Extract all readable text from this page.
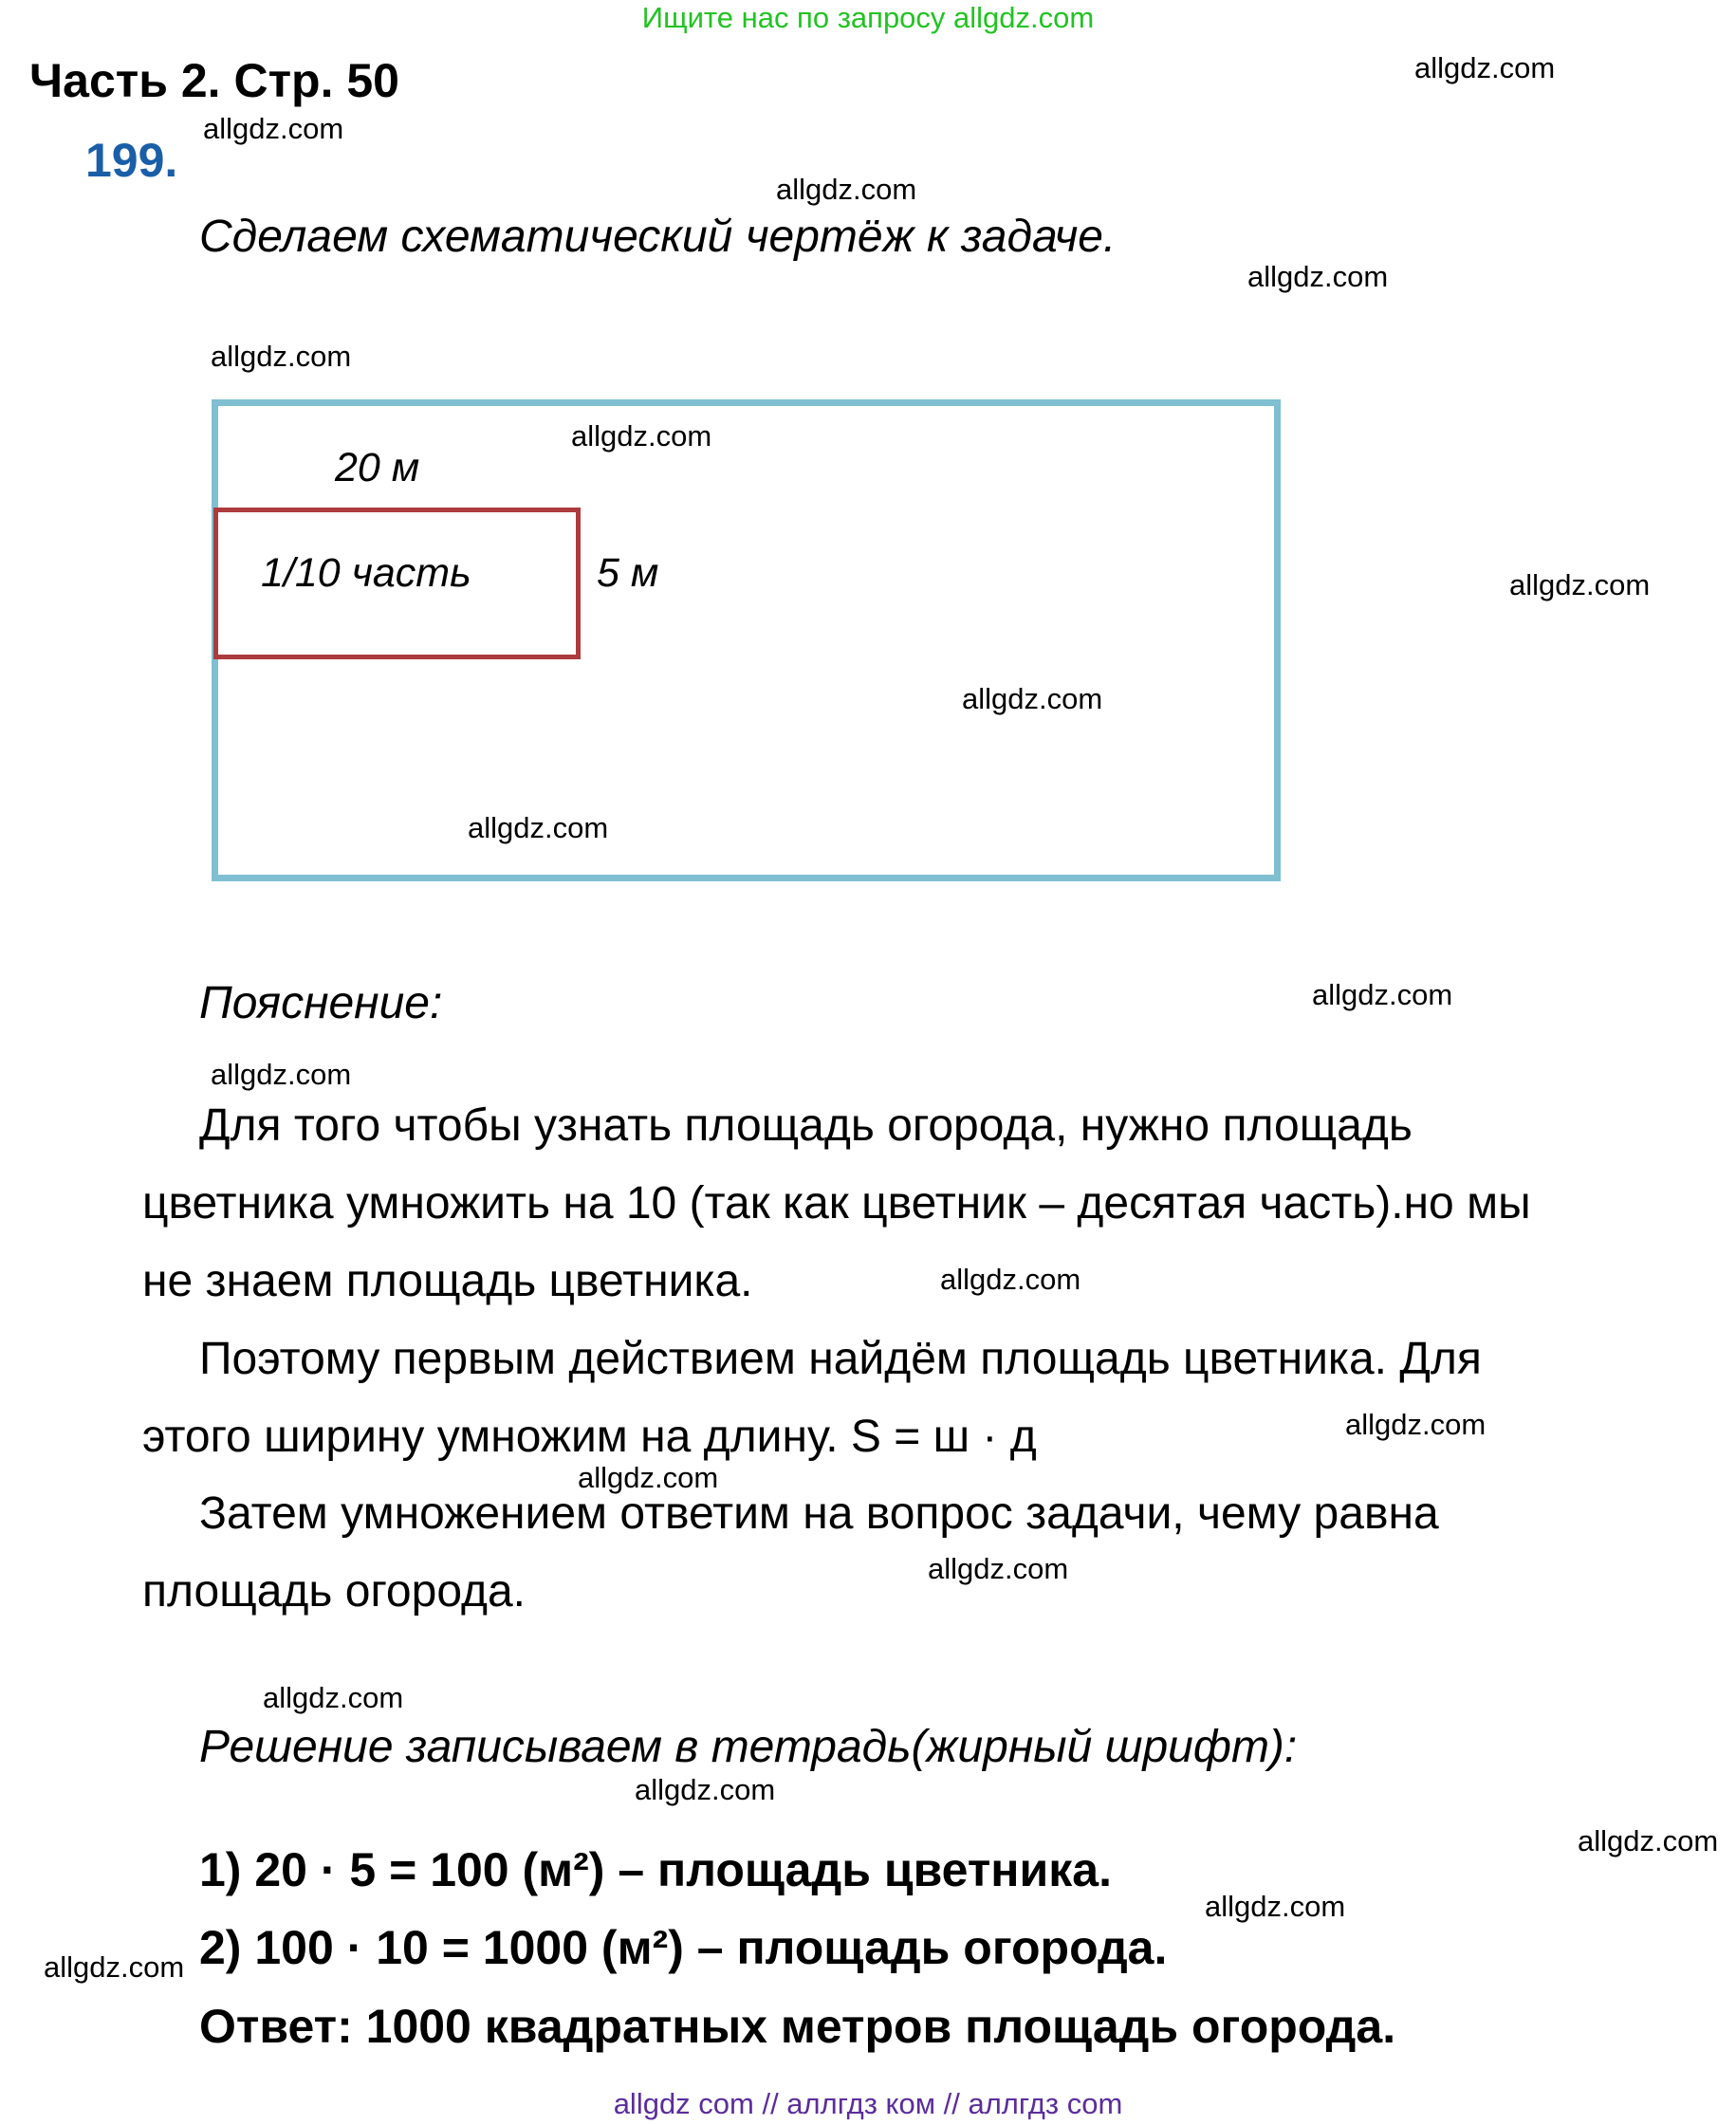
Ищите нас по запросу allgdz.com
Часть 2. Стр. 50
199.
Сделаем схематический чертёж к задаче.
20 м
1/10 часть	5 м
Пояснение:
Для того чтобы узнать площадь огорода, нужно площадь
цветника умножить на 10 (так как цветник – десятая часть).но мы
не знаем площадь цветника.
Поэтому первым действием найдём площадь цветника. Для
этого ширину умножим на длину. S = ш · д
Затем умножением ответим на вопрос задачи, чему равна
площадь огорода.
Решение записываем в тетрадь(жирный шрифт):
1) 20 · 5 = 100 (м²) – площадь цветника.
2) 100 · 10 = 1000 (м²) – площадь огорода.
Ответ: 1000 квадратных метров площадь огорода.
allgdz com // аллгдз ком // аллгдз com
allgdz.com
allgdz.com
allgdz.com
allgdz.com
allgdz.com
allgdz.com
allgdz.com
allgdz.com
allgdz.com
allgdz.com
allgdz.com
allgdz.com
allgdz.com
allgdz.com
allgdz.com
allgdz.com
allgdz.com
allgdz.com
allgdz.com
allgdz.com
